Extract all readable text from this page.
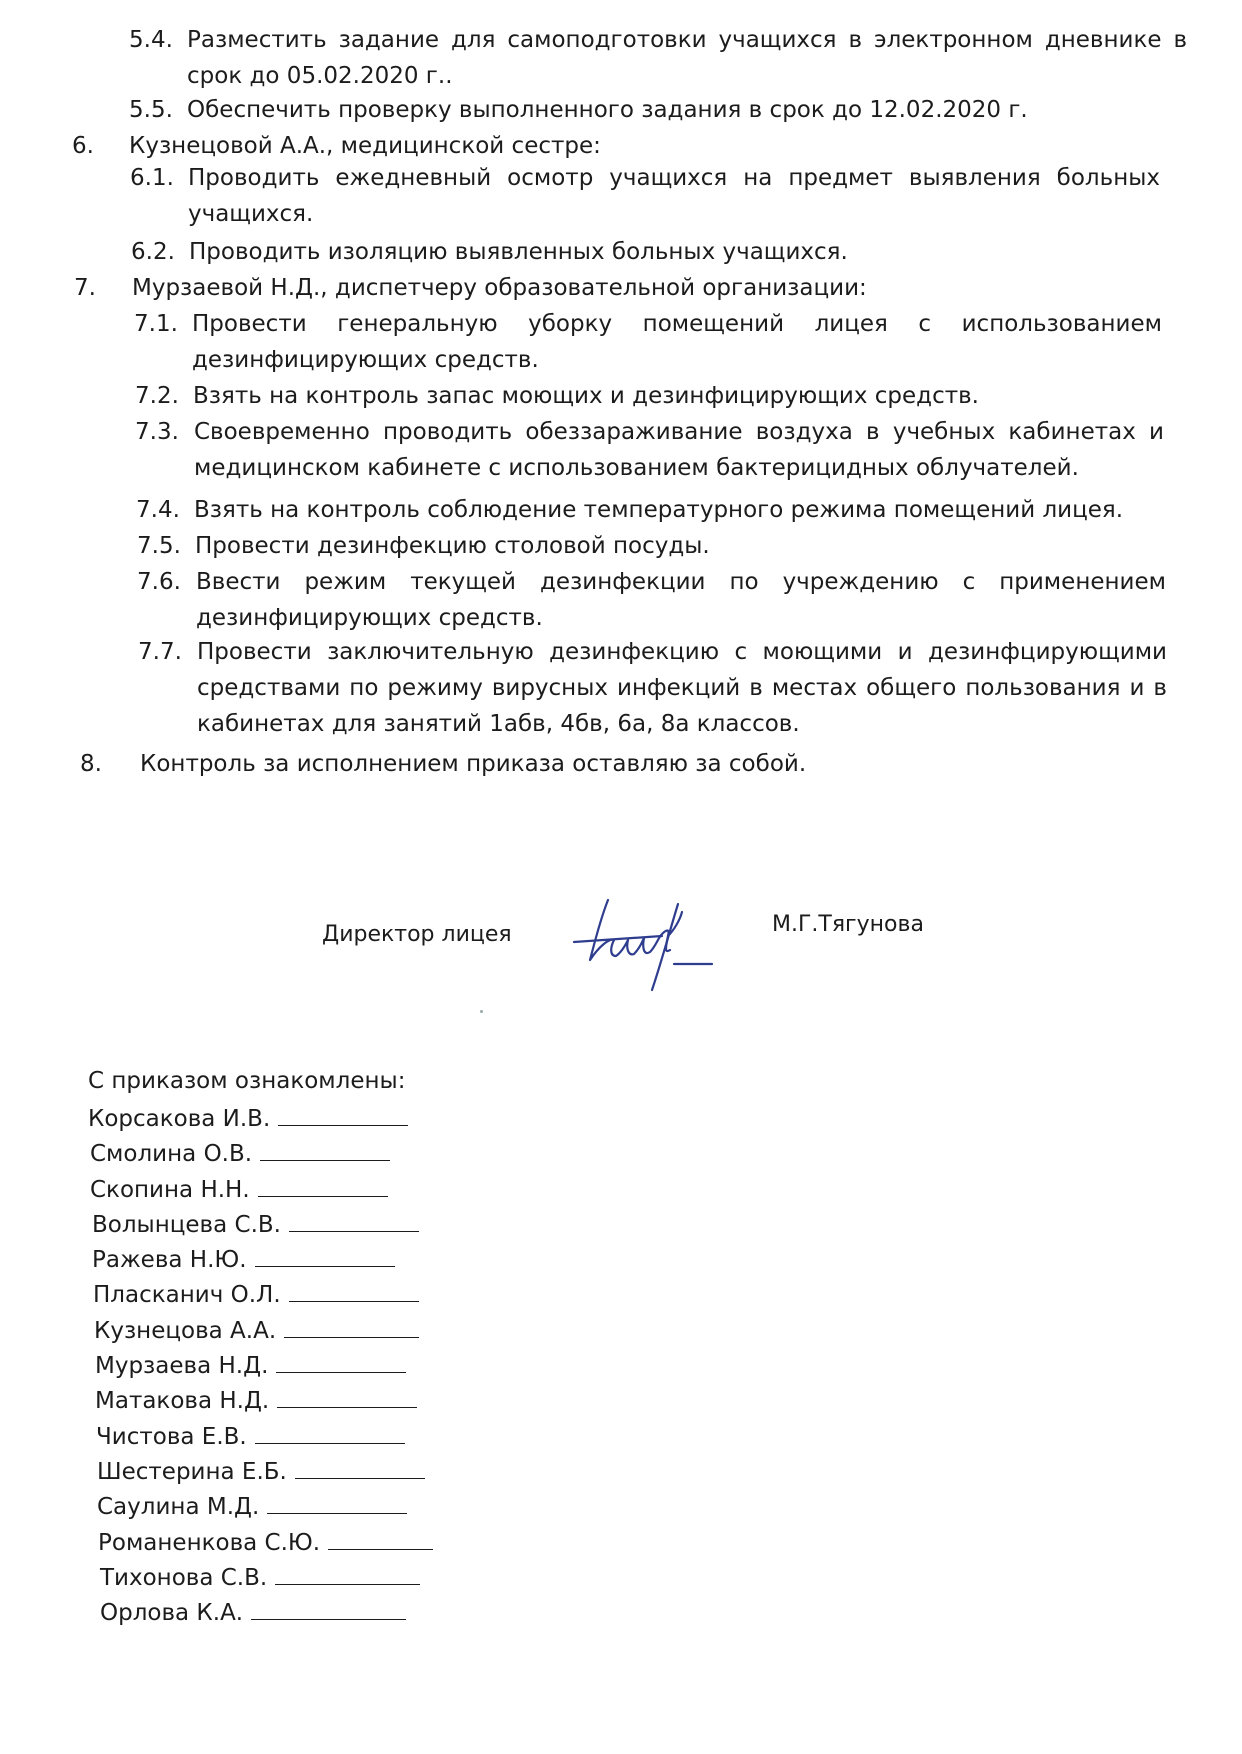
5.4. Разместить задание для самоподготовки учащихся в электронном дневнике в срок до 05.02.2020 г..
5.5. Обеспечить проверку выполненного задания в срок до 12.02.2020 г.
6. Кузнецовой А.А., медицинской сестре:
6.1. Проводить ежедневный осмотр учащихся на предмет выявления больных учащихся.
6.2. Проводить изоляцию выявленных больных учащихся.
7. Мурзаевой Н.Д., диспетчеру образовательной организации:
7.1. Провести генеральную уборку помещений лицея с использованием дезинфицирующих средств.
7.2. Взять на контроль запас моющих и дезинфицирующих средств.
7.3. Своевременно проводить обеззараживание воздуха в учебных кабинетах и медицинском кабинете с использованием бактерицидных облучателей.
7.4. Взять на контроль соблюдение температурного режима помещений лицея.
7.5. Провести дезинфекцию столовой посуды.
7.6. Ввести режим текущей дезинфекции по учреждению с применением дезинфицирующих средств.
7.7. Провести заключительную дезинфекцию с моющими и дезинфцирующими средствами по режиму вирусных инфекций в местах общего пользования и в кабинетах для занятий 1абв, 4бв, 6а, 8а классов.
8. Контроль за исполнением приказа оставляю за собой.
Директор лицея	М.Г.Тягунова
С приказом ознакомлены:
Корсакова И.В.
Смолина О.В.
Скопина Н.Н.
Волынцева С.В.
Ражева Н.Ю.
Пласканич О.Л.
Кузнецова А.А.
Мурзаева Н.Д.
Матакова Н.Д.
Чистова Е.В.
Шестерина Е.Б.
Саулина М.Д.
Романенкова С.Ю.
Тихонова С.В.
Орлова К.А.
